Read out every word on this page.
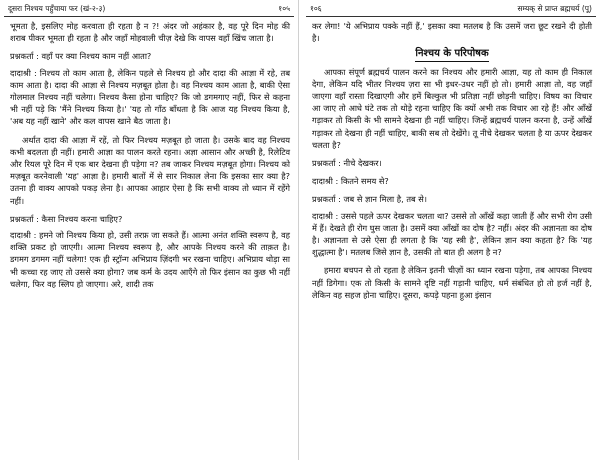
दूसरा निश्चय पहुँचाया फर (खं-२-३)	१०५

भूमता है, इसलिए मोह करवाता ही रहता है न ?! अंदर जो अहंकार है, वह पूरे दिन मोह की शराब पीकर भूमता ही रहता है और जहाँ मोहवाली चीज़ देखे कि वापस वहाँ खिंच जाता है।

प्रश्नकर्ता : वहाँ पर क्या निश्चय काम नहीं आता?

दादाश्री : निश्चय तो काम आता है, लेकिन पहले से निश्चय हो और दादा की आज्ञा में रहे, तब काम आता है। दादा की आज्ञा से निश्चय मज़बूत होता है। वह निश्चय काम आता है, बाकी ऐसा गोलमाल निश्चय नहीं चलेगा। निश्चय कैसा होना चाहिए? कि जो डगमगाए नहीं, फिर से कहना भी नहीं पड़े कि 'मैंने निश्चय किया है।' 'यह तो गाँठ बाँधता है कि आज यह निश्चय किया है, 'अब यह नहीं खाने' और कल वापस खाने बैठ जाता है।

अर्थात दादा की आज्ञा में रहें, तो फिर निश्चय मज़बूत हो जाता है। उसके बाद वह निश्चय कभी बदलता ही नहीं। हमारी आज्ञा का पालन करते रहना। अज्ञा आसान और अच्छी है, रिलेटिव और रियल पूरे दिन में एक बार देखना ही पड़ेगा न? तब जाकर निश्चय मज़बूत होगा। निश्चय को मज़बूत करनेवाली 'यह' आज्ञा है। हमारी बातों में से सार निकाल लेना कि इसका सार क्या है? उतना ही वाक्य आपको पकड़ लेना है। आपका आहार ऐसा है कि सभी वाक्य तो ध्यान में रहेंगे नहीं।

प्रश्नकर्ता : कैसा निश्चय करना चाहिए?

दादाश्री : हमने जो निश्चय किया हो, उसी तरफ़ जा सकते हैं। आत्मा अनंत शक्ति स्वरूप है, वह शक्ति प्रकट हो जाएगी। आत्मा निश्चय स्वरूप है, और आपके निश्चय करने की ताक़त है। डगमग डगमग नहीं चलेगा! एक ही स्ट्रॉन्ग अभिप्राय ज़िंदगी भर रखना चाहिए। अभिप्राय थोड़ा सा भी कच्चा रह जाए तो उससे क्या होगा? जब कर्म के उदय आएँगे तो फिर इंसान का कुछ भी नहीं चलेगा, फिर वह स्लिप हो जाएगा। अरे, शादी तक

१०६	सम्यक् से प्राप्त ब्रह्मचर्य (पू)

कर लेगा! 'ये अभिप्राय पक्के नहीं हैं,' इसका क्या मतलब है कि उसमें जरा छूट रखने दी होती है।

निश्चय के परिपोषक

आपका संपूर्ण ब्रह्मचर्य पालन करने का निश्चय और हमारी आज्ञा, यह तो काम ही निकाल देगा, लेकिन यदि भीतर निश्चय ज़रा सा भी इधर-उधर नहीं हो तो। हमारी आज्ञा तो, वह जहाँ जाएगा वहाँ रास्ता दिखाएगी और हमें बिल्कुल भी प्रतिज्ञा नहीं छोड़नी चाहिए। विषय का विचार आ जाए तो आधे घंटे तक तो थोड़े रहना चाहिए कि क्यों अभी तक विचार आ रहे हैं! और आँखें गड़ाकर तो किसी के भी सामने देखना ही नहीं चाहिए। जिन्हें ब्रह्मचर्य पालन करना है, उन्हें आँखें गड़ाकर तो देखना ही नहीं चाहिए, बाकी सब तो देखेंगे। तू नीचे देखकर चलता है या ऊपर देखकर चलता है?

प्रश्नकर्ता : नीचे देखकर।

दादाश्री : कितने समय से?

प्रश्नकर्ता : जब से ज्ञान मिला है, तब से।

दादाश्री : उससे पहले ऊपर देखकर चलता था? उससे तो आँखें कहा जाती हैं और सभी रोग उसी में हैं। देखते ही रोग घुस जाता है। उसमें क्या आँखों का दोष है? नहीं। अंदर की अज्ञानता का दोष है। अज्ञानता से उसे ऐसा ही लगता है कि 'यह स्त्री है', लेकिन ज्ञान क्या कहता है? कि 'यह शुद्धात्मा है'। मतलब जिसे ज्ञान है, उसकी तो बात ही अलग है न?

हमारा बचपन से तो रहता है लेकिन इतनी चीज़ों का ध्यान रखना पड़ेगा, तब आपका निश्चय नहीं डिगेगा। एक तो किसी के सामने दृष्टि नहीं गड़ानी चाहिए, धर्म संबंधित हो तो हर्ज नहीं है, लेकिन वह सहज होना चाहिए। दूसरा, कपड़े पहना हुआ इंसान
